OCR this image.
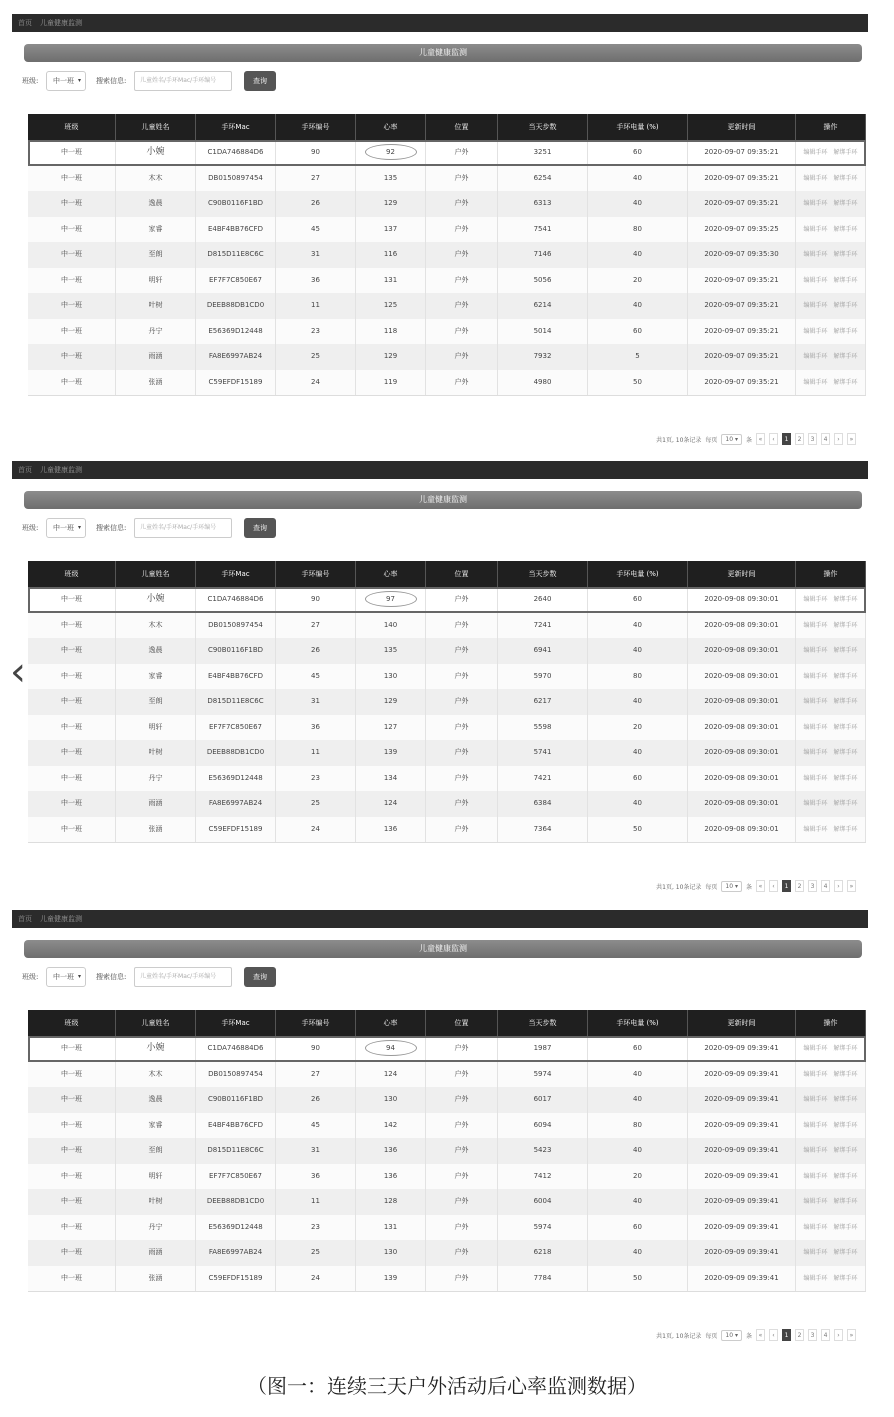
首页 儿童健康监测
儿童健康监测
班级:	中一班 ▾ 搜索信息:	儿童姓名/手环Mac/手环编号	查询
班级	儿童姓名	手环Mac	手环编号	心率	位置	当天步数	手环电量 (%)	更新时间	操作
中一班	小婉	C1DA746884D6	90	92	户外	3251	60	2020-09-07 09:35:21	编辑手环 解绑手环
中一班	木木	DB0150897454	27	135	户外	6254	40	2020-09-07 09:35:21	编辑手环 解绑手环
中一班	逸晨	C90B0116F1BD	26	129	户外	6313	40	2020-09-07 09:35:21	编辑手环 解绑手环
中一班	家睿	E4BF4BB76CFD	45	137	户外	7541	80	2020-09-07 09:35:25	编辑手环 解绑手环
中一班	至朗	D815D11E8C6C	31	116	户外	7146	40	2020-09-07 09:35:30	编辑手环 解绑手环
中一班	明轩	EF7F7C850E67	36	131	户外	5056	20	2020-09-07 09:35:21	编辑手环 解绑手环
中一班	叶树	DEEB88DB1CD0	11	125	户外	6214	40	2020-09-07 09:35:21	编辑手环 解绑手环
中一班	丹宁	E56369D12448	23	118	户外	5014	60	2020-09-07 09:35:21	编辑手环 解绑手环
中一班	雨涵	FA8E6997AB24	25	129	户外	7932	5	2020-09-07 09:35:21	编辑手环 解绑手环
中一班	张涵	C59EFDF15189	24	119	户外	4980	50	2020-09-07 09:35:21	编辑手环 解绑手环
共1页, 10条记录 每页	10 ▾	条	«	‹	1	2	3	4	›	»
首页 儿童健康监测
儿童健康监测
班级:	中一班 ▾ 搜索信息:	儿童姓名/手环Mac/手环编号	查询
班级	儿童姓名	手环Mac	手环编号	心率	位置	当天步数	手环电量 (%)	更新时间	操作
中一班	小婉	C1DA746884D6	90	97	户外	2640	60	2020-09-08 09:30:01	编辑手环 解绑手环
中一班	木木	DB0150897454	27	140	户外	7241	40	2020-09-08 09:30:01	编辑手环 解绑手环
中一班	逸晨	C90B0116F1BD	26	135	户外	6941	40	2020-09-08 09:30:01	编辑手环 解绑手环
中一班	家睿	E4BF4BB76CFD	45	130	户外	5970	80	2020-09-08 09:30:01	编辑手环 解绑手环
中一班	至朗	D815D11E8C6C	31	129	户外	6217	40	2020-09-08 09:30:01	编辑手环 解绑手环
中一班	明轩	EF7F7C850E67	36	127	户外	5598	20	2020-09-08 09:30:01	编辑手环 解绑手环
中一班	叶树	DEEB88DB1CD0	11	139	户外	5741	40	2020-09-08 09:30:01	编辑手环 解绑手环
中一班	丹宁	E56369D12448	23	134	户外	7421	60	2020-09-08 09:30:01	编辑手环 解绑手环
中一班	雨涵	FA8E6997AB24	25	124	户外	6384	40	2020-09-08 09:30:01	编辑手环 解绑手环
中一班	张涵	C59EFDF15189	24	136	户外	7364	50	2020-09-08 09:30:01	编辑手环 解绑手环
共1页, 10条记录 每页	10 ▾	条	«	‹	1	2	3	4	›	»
首页 儿童健康监测
儿童健康监测
班级:	中一班 ▾ 搜索信息:	儿童姓名/手环Mac/手环编号	查询
班级	儿童姓名	手环Mac	手环编号	心率	位置	当天步数	手环电量 (%)	更新时间	操作
中一班	小婉	C1DA746884D6	90	94	户外	1987	60	2020-09-09 09:39:41	编辑手环 解绑手环
中一班	木木	DB0150897454	27	124	户外	5974	40	2020-09-09 09:39:41	编辑手环 解绑手环
中一班	逸晨	C90B0116F1BD	26	130	户外	6017	40	2020-09-09 09:39:41	编辑手环 解绑手环
中一班	家睿	E4BF4BB76CFD	45	142	户外	6094	80	2020-09-09 09:39:41	编辑手环 解绑手环
中一班	至朗	D815D11E8C6C	31	136	户外	5423	40	2020-09-09 09:39:41	编辑手环 解绑手环
中一班	明轩	EF7F7C850E67	36	136	户外	7412	20	2020-09-09 09:39:41	编辑手环 解绑手环
中一班	叶树	DEEB88DB1CD0	11	128	户外	6004	40	2020-09-09 09:39:41	编辑手环 解绑手环
中一班	丹宁	E56369D12448	23	131	户外	5974	60	2020-09-09 09:39:41	编辑手环 解绑手环
中一班	雨涵	FA8E6997AB24	25	130	户外	6218	40	2020-09-09 09:39:41	编辑手环 解绑手环
中一班	张涵	C59EFDF15189	24	139	户外	7784	50	2020-09-09 09:39:41	编辑手环 解绑手环
共1页, 10条记录 每页	10 ▾	条	«	‹	1	2	3	4	›	»
‹
（图一：连续三天户外活动后心率监测数据）
